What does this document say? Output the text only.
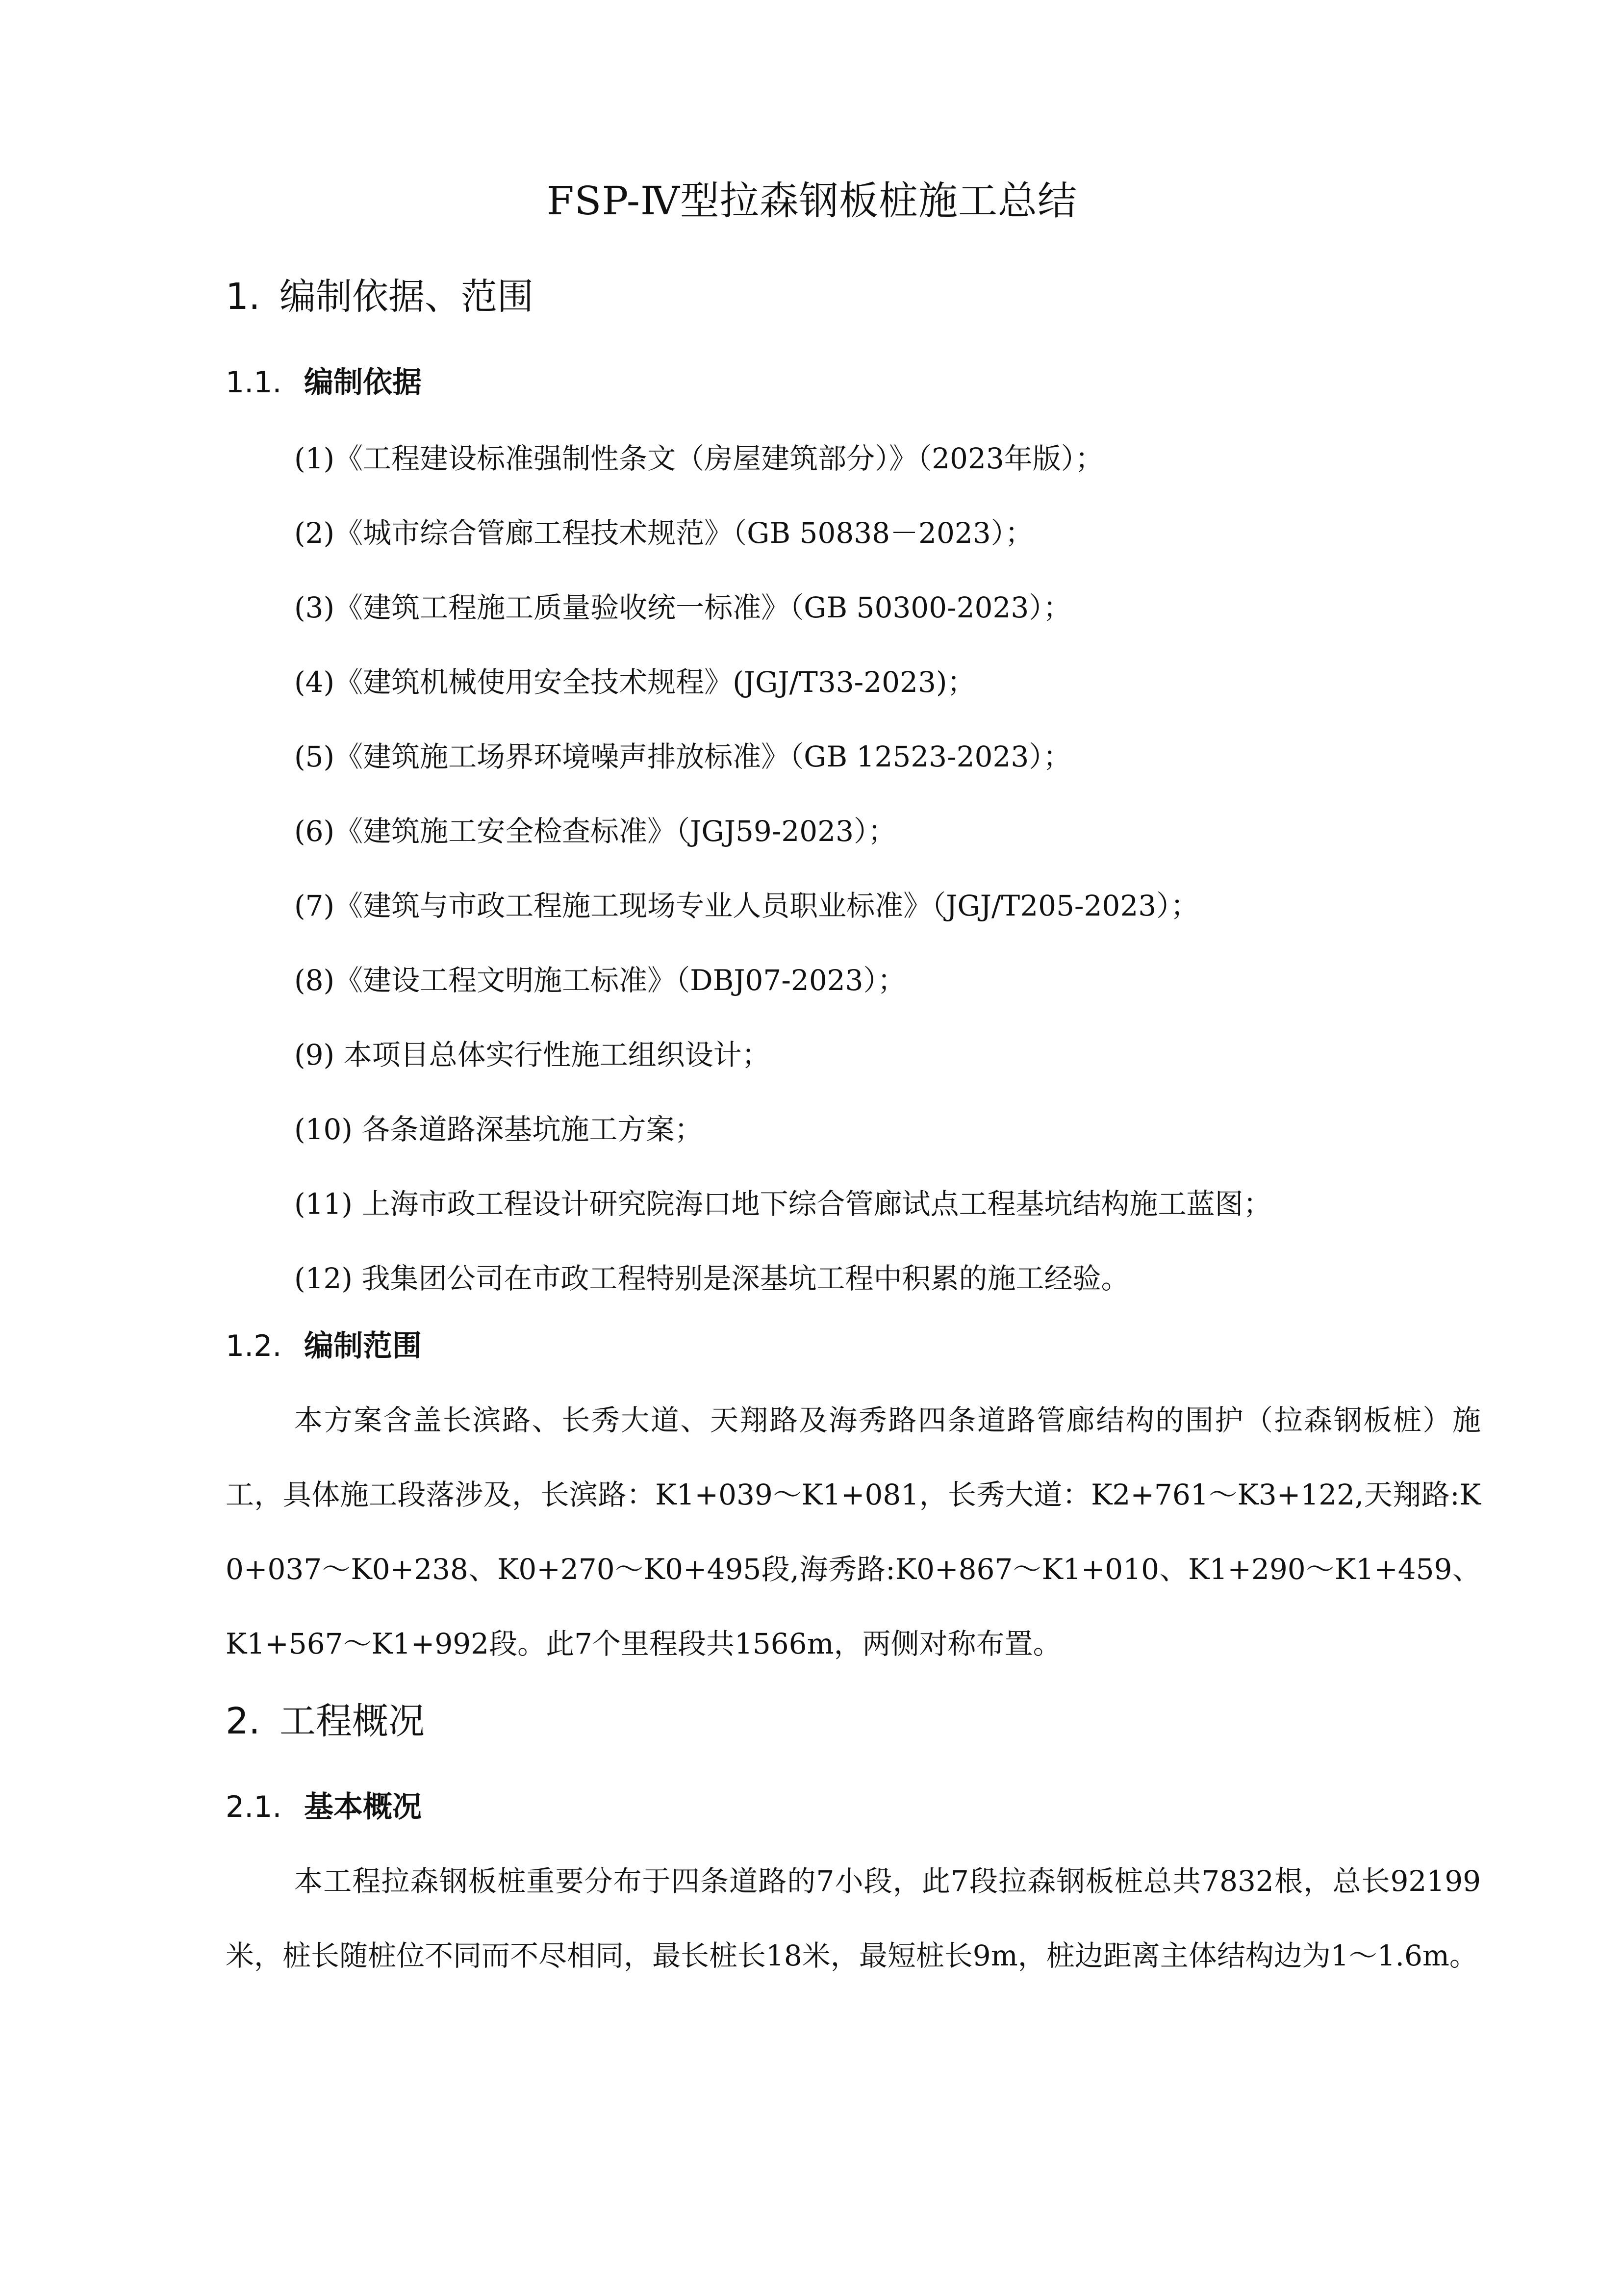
FSP-Ⅳ型拉森钢板桩施工总结
1. 编制依据、范围
1.1. 编制依据
(1)《工程建设标准强制性条文（房屋建筑部分）》（2023年版）；
(2)《城市综合管廊工程技术规范》（GB 50838－2023）；
(3)《建筑工程施工质量验收统一标准》（GB 50300-2023）；
(4)《建筑机械使用安全技术规程》(JGJ/T33-2023)；
(5)《建筑施工场界环境噪声排放标准》（GB 12523-2023）；
(6)《建筑施工安全检查标准》（JGJ59-2023）；
(7)《建筑与市政工程施工现场专业人员职业标准》（JGJ/T205-2023）；
(8)《建设工程文明施工标准》（DBJ07-2023）；
(9) 本项目总体实行性施工组织设计；
(10) 各条道路深基坑施工方案；
(11) 上海市政工程设计研究院海口地下综合管廊试点工程基坑结构施工蓝图；
(12) 我集团公司在市政工程特别是深基坑工程中积累的施工经验。
1.2. 编制范围
本方案含盖长滨路、长秀大道、天翔路及海秀路四条道路管廊结构的围护（拉森钢板桩）施工，具体施工段落涉及，长滨路：K1+039～K1+081，长秀大道：K2+761～K3+122,天翔路:K0+037～K0+238、K0+270～K0+495段,海秀路:K0+867～K1+010、K1+290～K1+459、K1+567～K1+992段。此7个里程段共1566m，两侧对称布置。
2. 工程概况
2.1. 基本概况
本工程拉森钢板桩重要分布于四条道路的7小段，此7段拉森钢板桩总共7832根，总长92199米，桩长随桩位不同而不尽相同，最长桩长18米，最短桩长9m，桩边距离主体结构边为1～1.6m。
